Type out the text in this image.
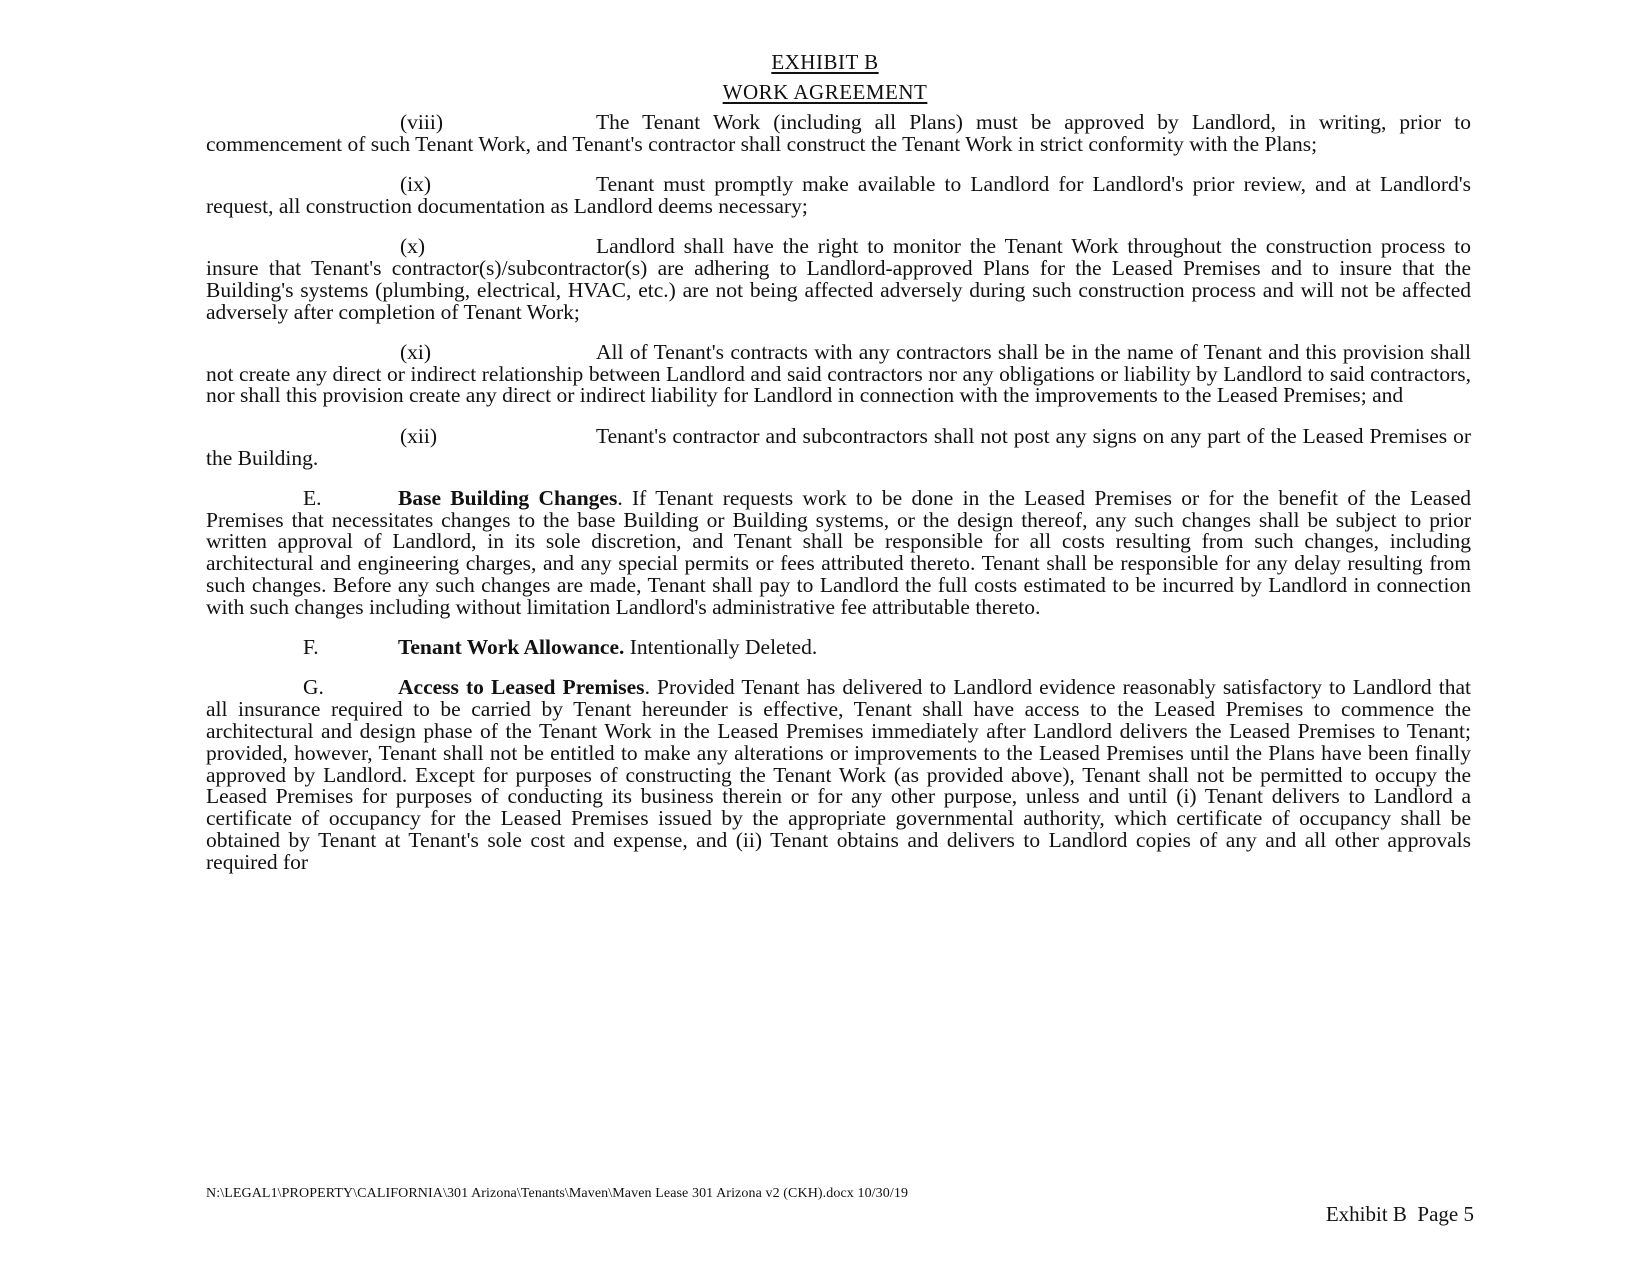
EXHIBIT B
WORK AGREEMENT

(viii)	The Tenant Work (including all Plans) must be approved by Landlord, in writing, prior to commencement of such Tenant Work, and Tenant's contractor shall construct the Tenant Work in strict conformity with the Plans;

(ix)	Tenant must promptly make available to Landlord for Landlord's prior review, and at Landlord's request, all construction documentation as Landlord deems necessary;

(x)	Landlord shall have the right to monitor the Tenant Work throughout the construction process to insure that Tenant's contractor(s)/subcontractor(s) are adhering to Landlord-approved Plans for the Leased Premises and to insure that the Building's systems (plumbing, electrical, HVAC, etc.) are not being affected adversely during such construction process and will not be affected adversely after completion of Tenant Work;

(xi)	All of Tenant's contracts with any contractors shall be in the name of Tenant and this provision shall not create any direct or indirect relationship between Landlord and said contractors nor any obligations or liability by Landlord to said contractors, nor shall this provision create any direct or indirect liability for Landlord in connection with the improvements to the Leased Premises; and

(xii)	Tenant's contractor and subcontractors shall not post any signs on any part of the Leased Premises or the Building.

E.	Base Building Changes. If Tenant requests work to be done in the Leased Premises or for the benefit of the Leased Premises that necessitates changes to the base Building or Building systems, or the design thereof, any such changes shall be subject to prior written approval of Landlord, in its sole discretion, and Tenant shall be responsible for all costs resulting from such changes, including architectural and engineering charges, and any special permits or fees attributed thereto. Tenant shall be responsible for any delay resulting from such changes. Before any such changes are made, Tenant shall pay to Landlord the full costs estimated to be incurred by Landlord in connection with such changes including without limitation Landlord's administrative fee attributable thereto.

F.	Tenant Work Allowance. Intentionally Deleted.

G.	Access to Leased Premises. Provided Tenant has delivered to Landlord evidence reasonably satisfactory to Landlord that all insurance required to be carried by Tenant hereunder is effective, Tenant shall have access to the Leased Premises to commence the architectural and design phase of the Tenant Work in the Leased Premises immediately after Landlord delivers the Leased Premises to Tenant; provided, however, Tenant shall not be entitled to make any alterations or improvements to the Leased Premises until the Plans have been finally approved by Landlord. Except for purposes of constructing the Tenant Work (as provided above), Tenant shall not be permitted to occupy the Leased Premises for purposes of conducting its business therein or for any other purpose, unless and until (i) Tenant delivers to Landlord a certificate of occupancy for the Leased Premises issued by the appropriate governmental authority, which certificate of occupancy shall be obtained by Tenant at Tenant's sole cost and expense, and (ii) Tenant obtains and delivers to Landlord copies of any and all other approvals required for

N:\LEGAL1\PROPERTY\CALIFORNIA\301 Arizona\Tenants\Maven\Maven Lease 301 Arizona v2 (CKH).docx 10/30/19
Exhibit B  Page 5
